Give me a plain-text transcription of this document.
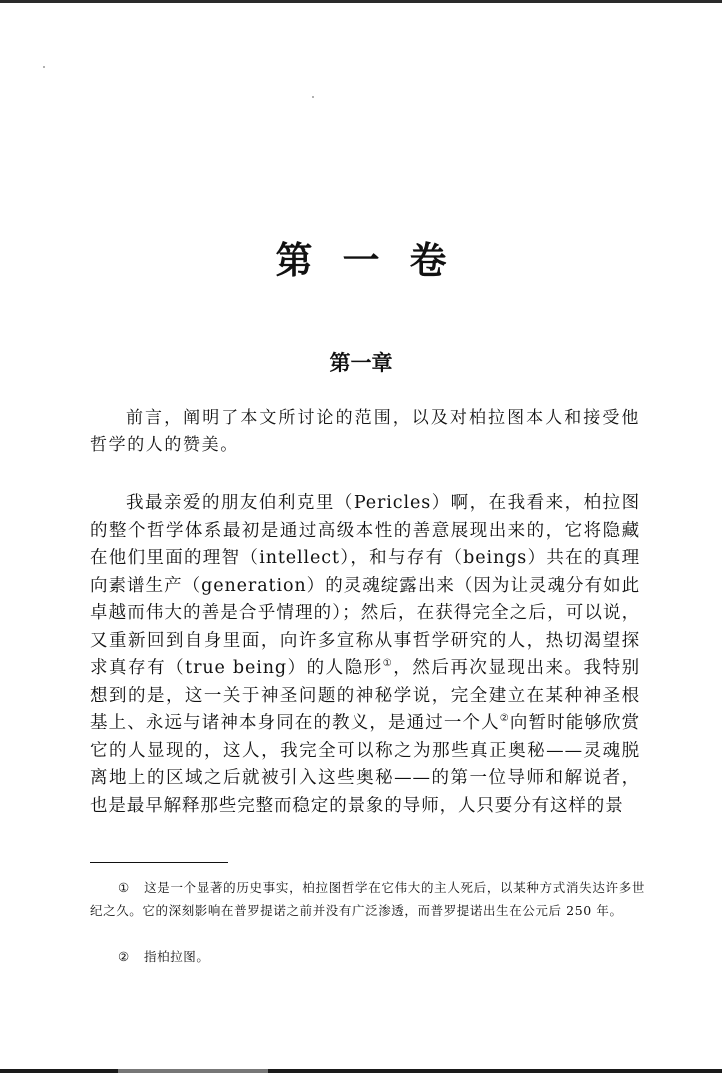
第一卷
第一章

前言，阐明了本文所讨论的范围，以及对柏拉图本人和接受他哲学的人的赞美。

我最亲爱的朋友伯利克里（Pericles）啊，在我看来，柏拉图的整个哲学体系最初是通过高级本性的善意展现出来的，它将隐藏在他们里面的理智（intellect），和与存有（beings）共在的真理向素谱生产（generation）的灵魂绽露出来（因为让灵魂分有如此卓越而伟大的善是合乎情理的）；然后，在获得完全之后，可以说，又重新回到自身里面，向许多宣称从事哲学研究的人，热切渴望探求真存有（true being）的人隐形①，然后再次显现出来。我特别想到的是，这一关于神圣问题的神秘学说，完全建立在某种神圣根基上、永远与诸神本身同在的教义，是通过一个人②向暂时能够欣赏它的人显现的，这人，我完全可以称之为那些真正奥秘——灵魂脱离地上的区域之后就被引入这些奥秘——的第一位导师和解说者，也是最早解释那些完整而稳定的景象的导师，人只要分有这样的景

① 这是一个显著的历史事实，柏拉图哲学在它伟大的主人死后，以某种方式消失达许多世纪之久。它的深刻影响在普罗提诺之前并没有广泛渗透，而普罗提诺出生在公元后 250 年。

② 指柏拉图。
